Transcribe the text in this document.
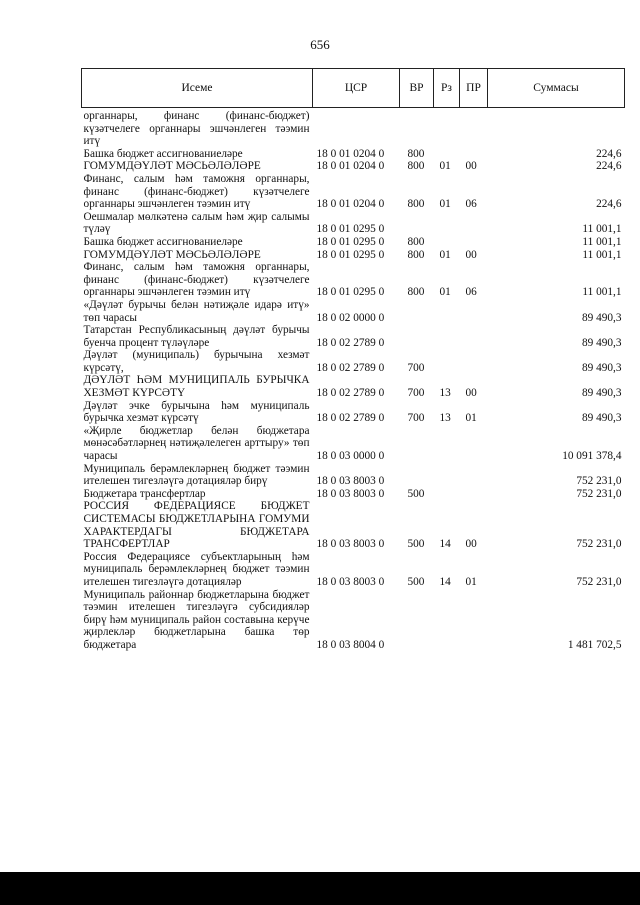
656
Исеме	ЦСР	ВР	Рз	ПР	Суммасы
органнары, финанс (финанс-бюджет) күзәтчелеге органнары эшчәнлеген тәэмин итү					
Башка бюджет ассигнованиеләре	18 0 01 0204 0	800			224,6
ГОМУМДӘҮЛӘТ МӘСЬӘЛӘЛӘРЕ	18 0 01 0204 0	800	01	00	224,6
Финанс, салым һәм таможня органнары, финанс (финанс-бюджет) күзәтчелеге органнары эшчәнлеген тәэмин итү	18 0 01 0204 0	800	01	06	224,6
Оешмалар мөлкәтенә салым һәм җир салымы түләү	18 0 01 0295 0				11 001,1
Башка бюджет ассигнованиеләре	18 0 01 0295 0	800			11 001,1
ГОМУМДӘҮЛӘТ МӘСЬӘЛӘЛӘРЕ	18 0 01 0295 0	800	01	00	11 001,1
Финанс, салым һәм таможня органнары, финанс (финанс-бюджет) күзәтчелеге органнары эшчәнлеген тәэмин итү	18 0 01 0295 0	800	01	06	11 001,1
«Дәүләт бурычы белән нәтиҗәле идарә итү» төп чарасы	18 0 02 0000 0				89 490,3
Татарстан Республикасының дәүләт бурычы буенча процент түләүләре	18 0 02 2789 0				89 490,3
Дәүләт (муниципаль) бурычына хезмәт күрсәтү,	18 0 02 2789 0	700			89 490,3
ДӘҮЛӘТ ҺӘМ МУНИЦИПАЛЬ БУРЫЧКА ХЕЗМӘТ КҮРСӘТҮ	18 0 02 2789 0	700	13	00	89 490,3
Дәүләт эчке бурычына һәм муниципаль бурычка хезмәт күрсәтү	18 0 02 2789 0	700	13	01	89 490,3
«Җирле бюджетлар белән бюджетара мөнәсәбәтләрнең нәтиҗәлелеген арттыру» төп чарасы	18 0 03 0000 0				10 091 378,4
Муниципаль берәмлекләрнең бюджет тәэмин ителешен тигезләүгә дотацияләр бирү	18 0 03 8003 0				752 231,0
Бюджетара трансфертлар	18 0 03 8003 0	500			752 231,0
РОССИЯ ФЕДЕРАЦИЯСЕ БЮДЖЕТ СИСТЕМАСЫ БЮДЖЕТЛАРЫНА ГОМУМИ ХАРАКТЕРДАГЫ БЮДЖЕТАРА ТРАНСФЕРТЛАР	18 0 03 8003 0	500	14	00	752 231,0
Россия Федерациясе субъектларының һәм муниципаль берәмлекләрнең бюджет тәэмин ителешен тигезләүгә дотацияләр	18 0 03 8003 0	500	14	01	752 231,0
Муниципаль районнар бюджетларына бюджет тәэмин ителешен тигезләүгә субсидияләр бирү һәм муниципаль район составына керүче җирлекләр бюджетларына башка төр бюджетара	18 0 03 8004 0				1 481 702,5
